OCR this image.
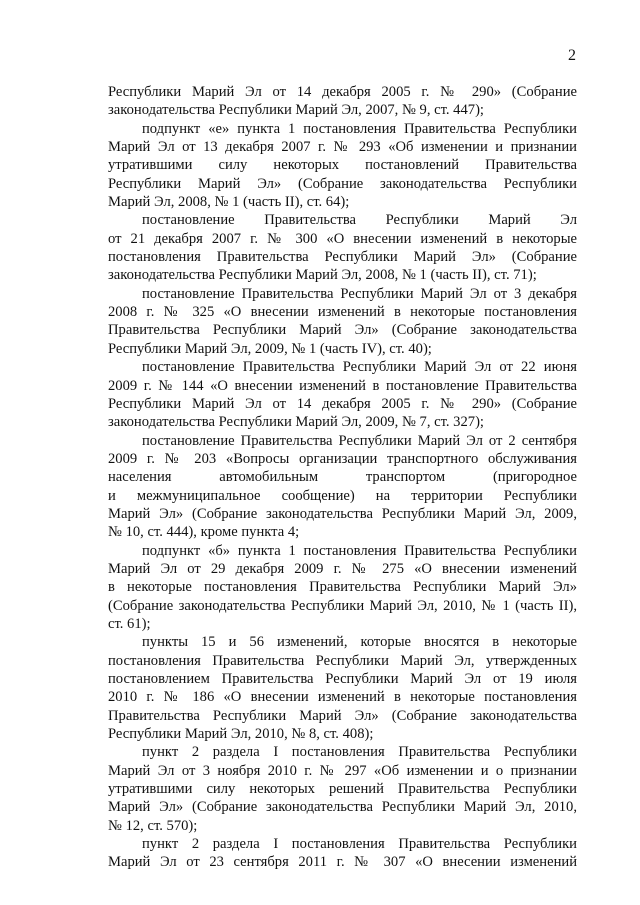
2
Республики Марий Эл от 14 декабря 2005 г. № 290» (Собрание
законодательства Республики Марий Эл, 2007, № 9, ст. 447);
подпункт «е» пункта 1 постановления Правительства Республики
Марий Эл от 13 декабря 2007 г. № 293 «Об изменении и признании
утратившими силу некоторых постановлений Правительства
Республики Марий Эл» (Собрание законодательства Республики
Марий Эл, 2008, № 1 (часть II), ст. 64);
постановление Правительства Республики Марий Эл
от 21 декабря 2007 г. № 300 «О внесении изменений в некоторые
постановления Правительства Республики Марий Эл» (Собрание
законодательства Республики Марий Эл, 2008, № 1 (часть II), ст. 71);
постановление Правительства Республики Марий Эл от 3 декабря
2008 г. № 325 «О внесении изменений в некоторые постановления
Правительства Республики Марий Эл» (Собрание законодательства
Республики Марий Эл, 2009, № 1 (часть IV), ст. 40);
постановление Правительства Республики Марий Эл от 22 июня
2009 г. № 144 «О внесении изменений в постановление Правительства
Республики Марий Эл от 14 декабря 2005 г. № 290» (Собрание
законодательства Республики Марий Эл, 2009, № 7, ст. 327);
постановление Правительства Республики Марий Эл от 2 сентября
2009 г. № 203 «Вопросы организации транспортного обслуживания
населения автомобильным транспортом (пригородное
и межмуниципальное сообщение) на территории Республики
Марий Эл» (Собрание законодательства Республики Марий Эл, 2009,
№ 10, ст. 444), кроме пункта 4;
подпункт «б» пункта 1 постановления Правительства Республики
Марий Эл от 29 декабря 2009 г. № 275 «О внесении изменений
в некоторые постановления Правительства Республики Марий Эл»
(Собрание законодательства Республики Марий Эл, 2010, № 1 (часть II),
ст. 61);
пункты 15 и 56 изменений, которые вносятся в некоторые
постановления Правительства Республики Марий Эл, утвержденных
постановлением Правительства Республики Марий Эл от 19 июля
2010 г. № 186 «О внесении изменений в некоторые постановления
Правительства Республики Марий Эл» (Собрание законодательства
Республики Марий Эл, 2010, № 8, ст. 408);
пункт 2 раздела I постановления Правительства Республики
Марий Эл от 3 ноября 2010 г. № 297 «Об изменении и о признании
утратившими силу некоторых решений Правительства Республики
Марий Эл» (Собрание законодательства Республики Марий Эл, 2010,
№ 12, ст. 570);
пункт 2 раздела I постановления Правительства Республики
Марий Эл от 23 сентября 2011 г. № 307 «О внесении изменений
